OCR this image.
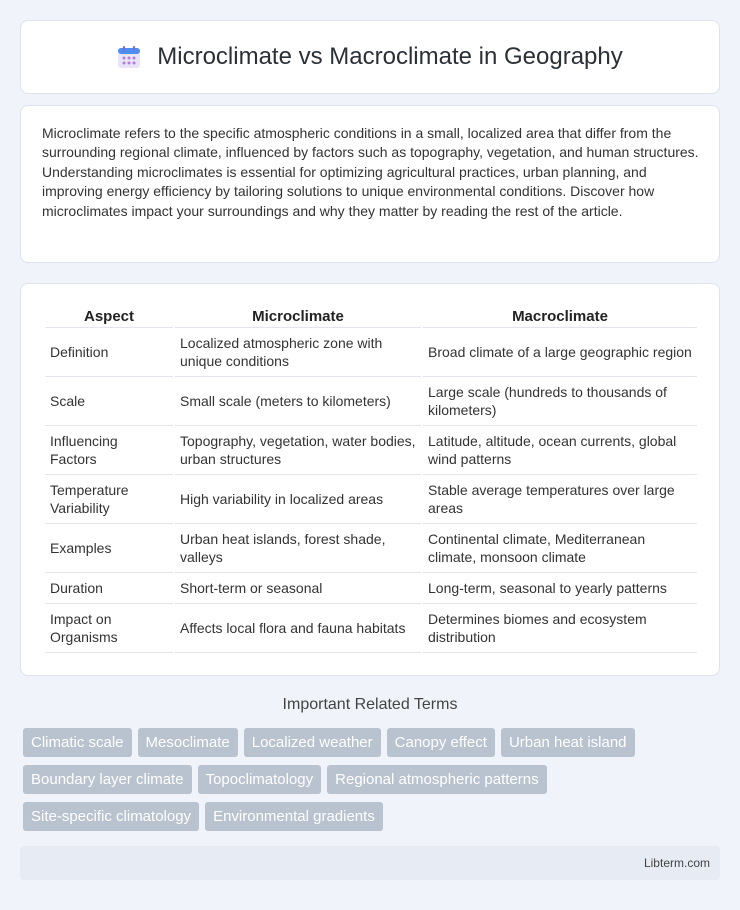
Microclimate vs Macroclimate in Geography

Microclimate refers to the specific atmospheric conditions in a small, localized area that differ from the surrounding regional climate, influenced by factors such as topography, vegetation, and human structures. Understanding microclimates is essential for optimizing agricultural practices, urban planning, and improving energy efficiency by tailoring solutions to unique environmental conditions. Discover how microclimates impact your surroundings and why they matter by reading the rest of the article.

Aspect	Microclimate	Macroclimate
Definition	Localized atmospheric zone with unique conditions	Broad climate of a large geographic region
Scale	Small scale (meters to kilometers)	Large scale (hundreds to thousands of kilometers)
Influencing Factors	Topography, vegetation, water bodies, urban structures	Latitude, altitude, ocean currents, global wind patterns
Temperature Variability	High variability in localized areas	Stable average temperatures over large areas
Examples	Urban heat islands, forest shade, valleys	Continental climate, Mediterranean climate, monsoon climate
Duration	Short-term or seasonal	Long-term, seasonal to yearly patterns
Impact on Organisms	Affects local flora and fauna habitats	Determines biomes and ecosystem distribution
Important Related Terms
Climatic scale	Mesoclimate	Localized weather	Canopy effect	Urban heat island
Boundary layer climate	Topoclimatology	Regional atmospheric patterns
Site-specific climatology	Environmental gradients
Libterm.com
